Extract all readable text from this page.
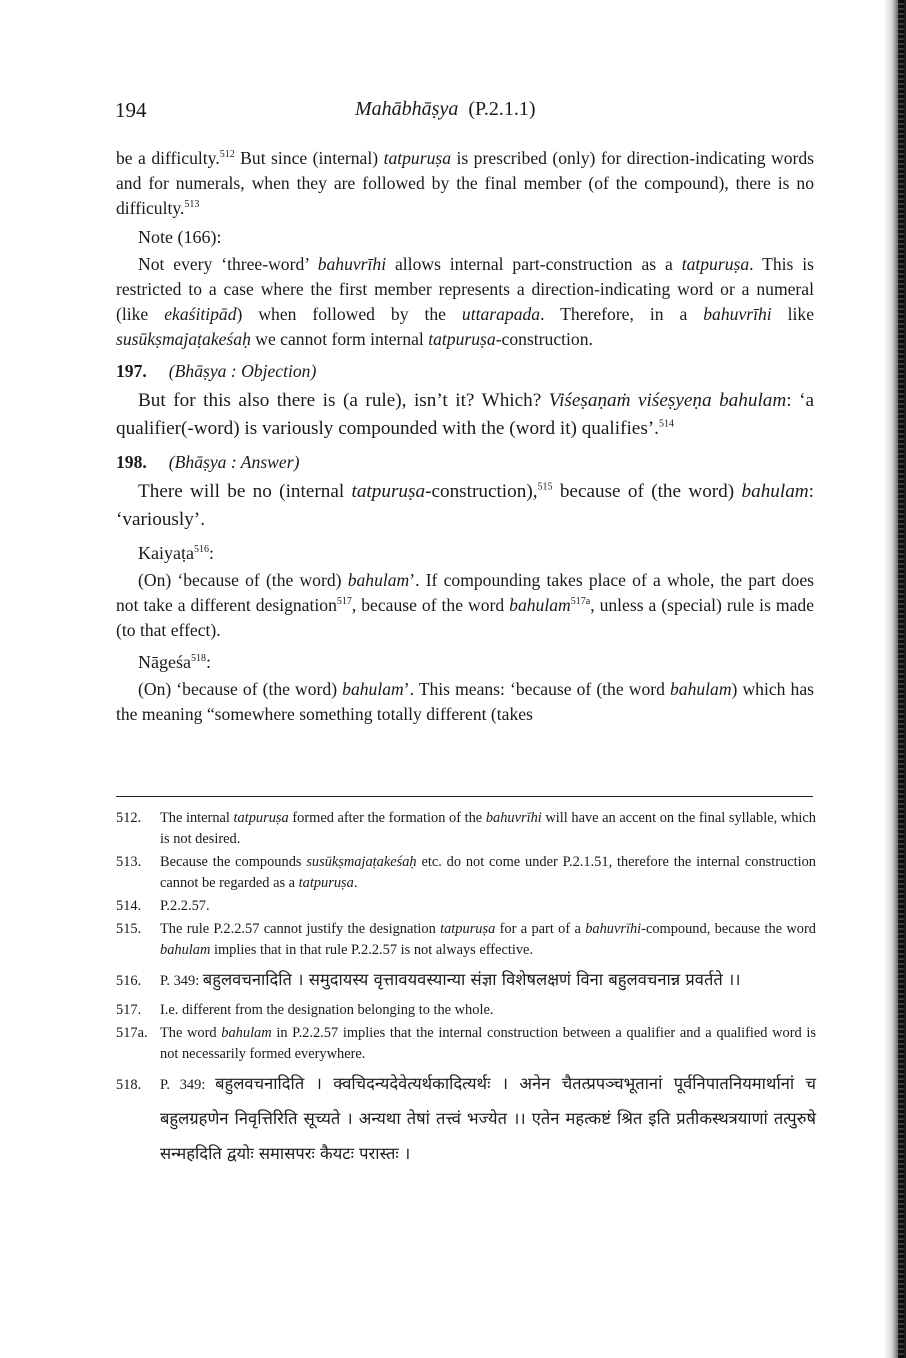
194	Mahābhāṣya (P.2.1.1)

be a difficulty.$^{512}$ But since (internal) tatpuruṣa is prescribed (only) for direction-indicating words and for numerals, when they are followed by the final member (of the compound), there is no difficulty.$^{513}$

Note (166):

Not every ‘three-word’ bahuvrīhi allows internal part-construction as a tatpuruṣa. This is restricted to a case where the first member represents a direction-indicating word or a numeral (like ekaśitipād) when followed by the uttarapada. Therefore, in a bahuvrīhi like susūkṣmajaṭakeśaḥ we cannot form internal tatpuruṣa-construction.

197. (Bhāṣya : Objection)

But for this also there is (a rule), isn’t it? Which? Viśeṣaṇaṁ viśeṣyeṇa bahulam: ‘a qualifier(-word) is variously compounded with the (word it) qualifies’.$^{514}$

198. (Bhāṣya : Answer)

There will be no (internal tatpuruṣa-construction),$^{515}$ because of (the word) bahulam: ‘variously’.

Kaiyaṭa$^{516}$:

(On) ‘because of (the word) bahulam’. If compounding takes place of a whole, the part does not take a different designation$^{517}$, because of the word bahulam$^{517a}$, unless a (special) rule is made (to that effect).

Nāgeśa$^{518}$:

(On) ‘because of (the word) bahulam’. This means: ‘because of (the word bahulam) which has the meaning “somewhere something totally different (takes

512. The internal tatpuruṣa formed after the formation of the bahuvrīhi will have an accent on the final syllable, which is not desired.
513. Because the compounds susūkṣmajaṭakeśaḥ etc. do not come under P.2.1.51, therefore the internal construction cannot be regarded as a tatpuruṣa.
514. P.2.2.57.
515. The rule P.2.2.57 cannot justify the designation tatpuruṣa for a part of a bahuvrīhi-compound, because the word bahulam implies that in that rule P.2.2.57 is not always effective.
516. P. 349: बहुलवचनादिति । समुदायस्य वृत्तावयवस्यान्या संज्ञा विशेषलक्षणं विना बहुलवचनान्न प्रवर्तते ।।
517. I.e. different from the designation belonging to the whole.
517a. The word bahulam in P.2.2.57 implies that the internal construction between a qualifier and a qualified word is not necessarily formed everywhere.
518. P. 349: बहुलवचनादिति । क्वचिदन्यदेवेत्यर्थकादित्यर्थः । अनेन चैतत्प्रपञ्चभूतानां पूर्वनिपातनियमार्थानां च बहुलग्रहणेन निवृत्तिरिति सूच्यते । अन्यथा तेषां तत्त्वं भज्येत ।। एतेन महत्कष्टं श्रित इति प्रतीकस्थत्रयाणां तत्पुरुषे सन्महदिति द्वयोः समासपरः कैयटः परास्तः ।
